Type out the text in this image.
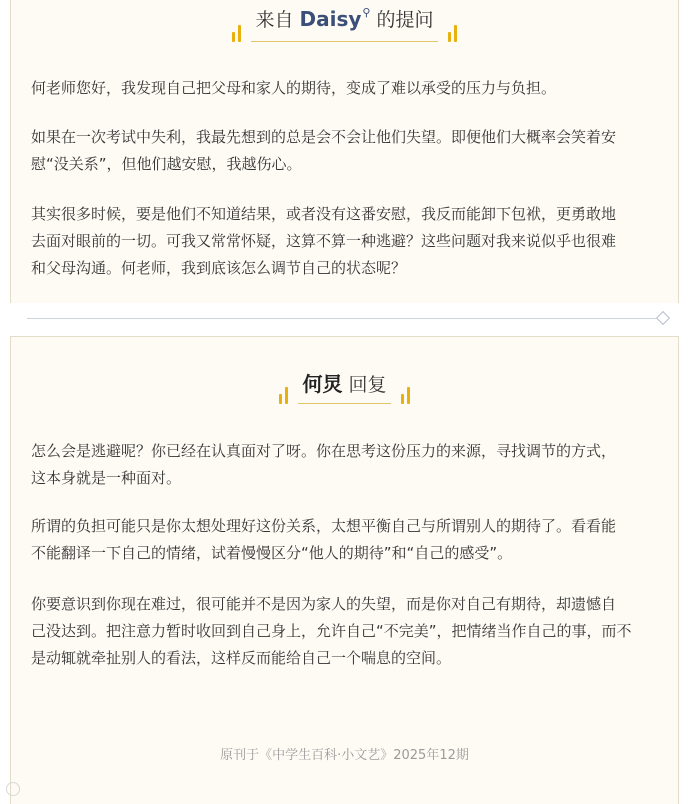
来自 Daisy⚲ 的提问

何老师您好，我发现自己把父母和家人的期待，变成了难以承受的压力与负担。

如果在一次考试中失利，我最先想到的总是会不会让他们失望。即便他们大概率会笑着安
慰“没关系”，但他们越安慰，我越伤心。

其实很多时候，要是他们不知道结果，或者没有这番安慰，我反而能卸下包袱，更勇敢地
去面对眼前的一切。可我又常常怀疑，这算不算一种逃避？这些问题对我来说似乎也很难
和父母沟通。何老师，我到底该怎么调节自己的状态呢？

何炅 回复

怎么会是逃避呢？你已经在认真面对了呀。你在思考这份压力的来源，寻找调节的方式，
这本身就是一种面对。

所谓的负担可能只是你太想处理好这份关系，太想平衡自己与所谓别人的期待了。看看能
不能翻译一下自己的情绪，试着慢慢区分“他人的期待”和“自己的感受”。

你要意识到你现在难过，很可能并不是因为家人的失望，而是你对自己有期待，却遗憾自
己没达到。把注意力暂时收回到自己身上，允许自己“不完美”，把情绪当作自己的事，而不
是动辄就牵扯别人的看法，这样反而能给自己一个喘息的空间。

原刊于《中学生百科·小文艺》2025年12期
